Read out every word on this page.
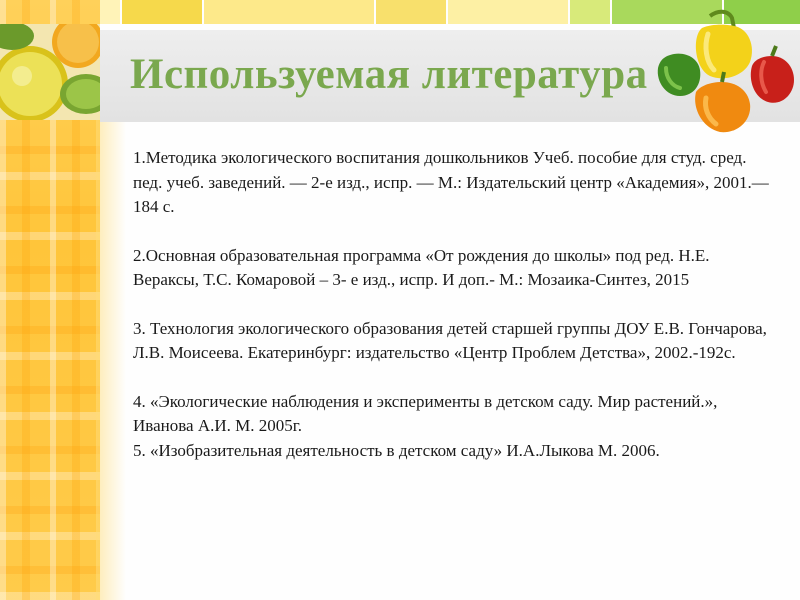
Используемая литература
1.Методика экологического воспитания дошкольников Учеб. пособие для студ. сред. пед. учеб. заведений. — 2-е изд., испр. — М.: Издательский центр «Академия», 2001.— 184 с.
2.Основная образовательная программа «От рождения до школы» под ред. Н.Е. Вераксы, Т.С. Комаровой – 3- е изд., испр. И доп.- М.: Мозаика-Синтез, 2015
3. Технология экологического образования детей старшей группы ДОУ Е.В. Гончарова, Л.В. Моисеева. Екатеринбург: издательство «Центр Проблем Детства», 2002.-192с.
4. «Экологические наблюдения и эксперименты в детском саду. Мир растений.», Иванова А.И. М. 2005г.
5. «Изобразительная деятельность в детском саду» И.А.Лыкова М. 2006.
